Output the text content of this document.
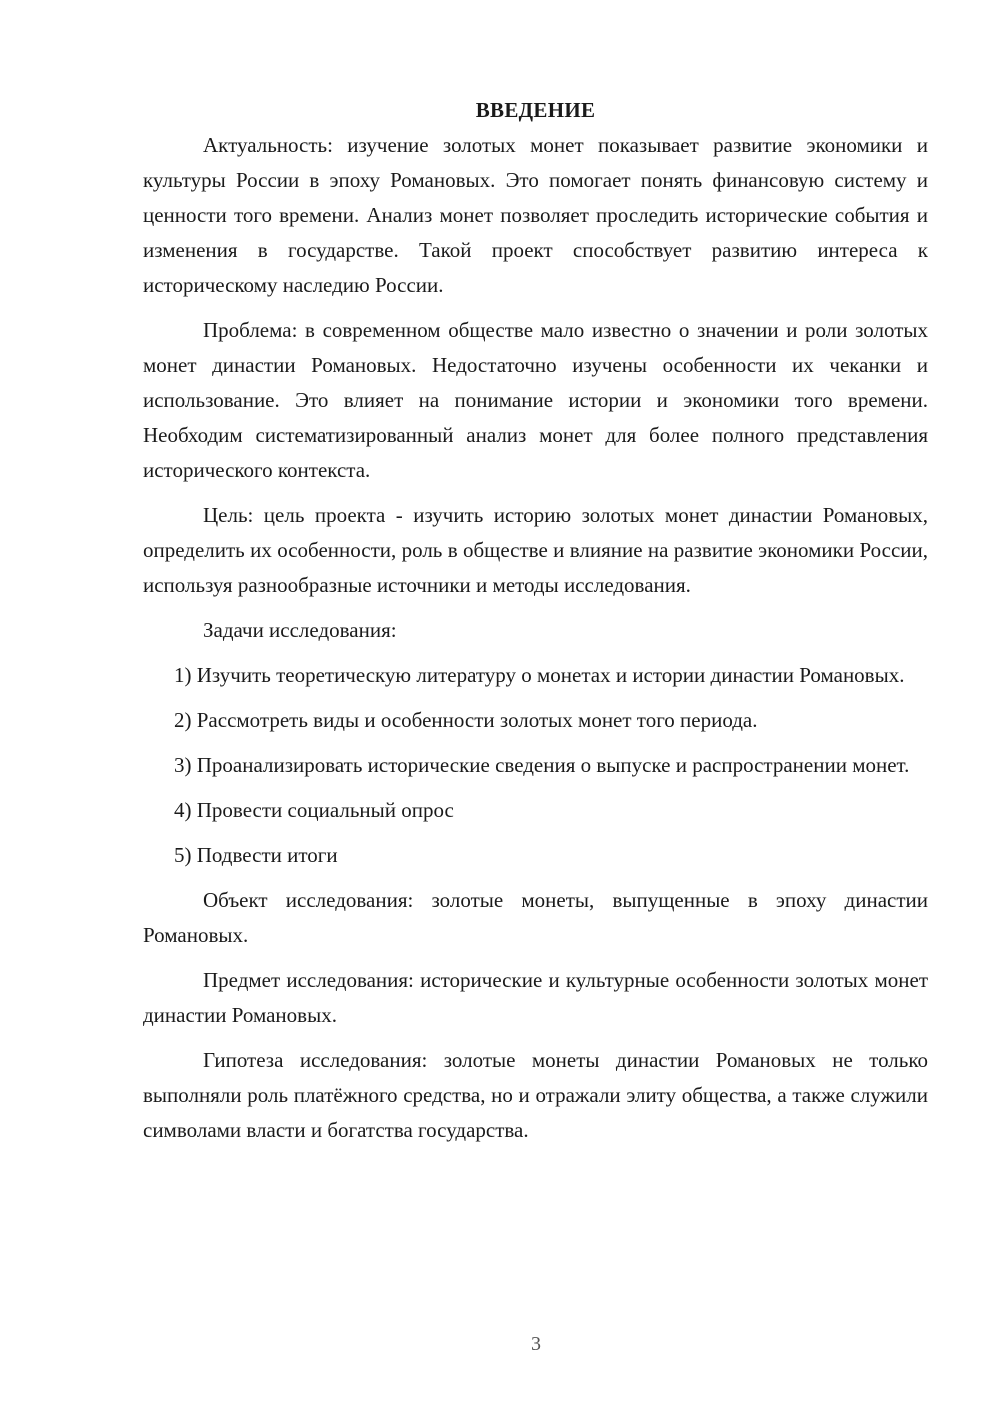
ВВЕДЕНИЕ

Актуальность: изучение золотых монет показывает развитие экономики и культуры России в эпоху Романовых. Это помогает понять финансовую систему и ценности того времени. Анализ монет позволяет проследить исторические события и изменения в государстве. Такой проект способствует развитию интереса к историческому наследию России.

Проблема: в современном обществе мало известно о значении и роли золотых монет династии Романовых. Недостаточно изучены особенности их чеканки и использование. Это влияет на понимание истории и экономики того времени. Необходим систематизированный анализ монет для более полного представления исторического контекста.

Цель: цель проекта - изучить историю золотых монет династии Романовых, определить их особенности, роль в обществе и влияние на развитие экономики России, используя разнообразные источники и методы исследования.

Задачи исследования:

1) Изучить теоретическую литературу о монетах и истории династии Романовых.

2) Рассмотреть виды и особенности золотых монет того периода.

3) Проанализировать исторические сведения о выпуске и распространении монет.

4) Провести социальный опрос

5) Подвести итоги

Объект исследования: золотые монеты, выпущенные в эпоху династии Романовых.

Предмет исследования: исторические и культурные особенности золотых монет династии Романовых.

Гипотеза исследования: золотые монеты династии Романовых не только выполняли роль платёжного средства, но и отражали элиту общества, а также служили символами власти и богатства государства.

3
